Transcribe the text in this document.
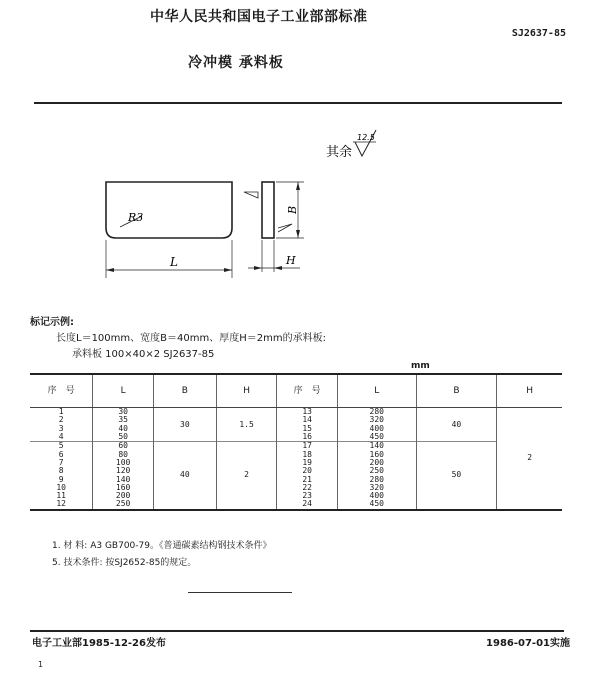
中华人民共和国电子工业部部标准
SJ2637-85
冷冲模 承料板
其余
12.5
R3
L
B
H
标记示例:
长度L＝100mm、宽度B＝40mm、厚度H＝2mm的承料板:
承料板 100×40×2 SJ2637-85
mm
序　号	L	B	H	序　号	L	B	H
1	30	30	1.5	13	280	40	2
2	35			14	320		
3	40			15	400		
4	50			16	450		
5	60	40	2	17	140	50	
6	80			18	160		
7	100			19	200		
8	120			20	250		
9	140			21	280		
10	160			22	320		
11	200			23	400		
12	250			24	450		
1. 材 料: A3 GB700-79。《普通碳素结构钢技术条件》
5. 技术条件: 按SJ2652-85的规定。
电子工业部1985-12-26发布	1986-07-01实施
1
